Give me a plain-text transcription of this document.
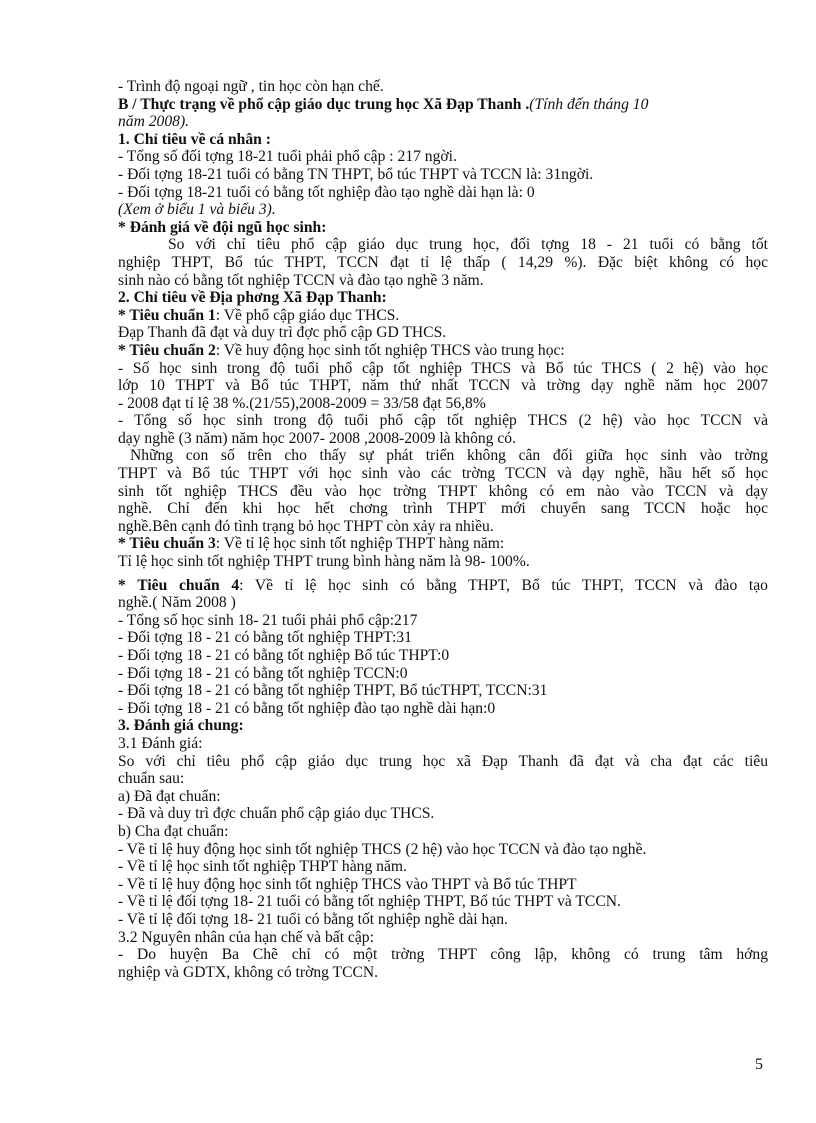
- Trình độ ngoại ngữ , tin học còn hạn chế.
B / Thực trạng về phổ cập giáo dục trung học Xã Đạp Thanh .(Tính đến tháng 10
năm 2008).
1. Chỉ tiêu về cá nhân :
- Tổng số đối tợng 18-21 tuổi phải phổ cập : 217 ngời.
- Đối tợng 18-21 tuổi có bằng TN THPT, bổ túc THPT và TCCN là: 31ngời.
- Đối tợng 18-21 tuổi có bằng tốt nghiệp đào tạo nghề dài hạn là: 0
(Xem ở biểu 1 và biểu 3).
* Đánh giá về đội ngũ học sinh:
So với chỉ tiêu phổ cập giáo dục trung học, đối tợng 18 - 21 tuổi có bằng tốt
nghiệp THPT, Bổ túc THPT, TCCN đạt tỉ lệ thấp ( 14,29 %). Đặc biệt không có học
sinh nào có bằng tốt nghiệp TCCN và đào tạo nghề 3 năm.
2. Chỉ tiêu về Địa phơng Xã Đạp Thanh:
* Tiêu chuẩn 1: Về phổ cập giáo dục THCS.
Đạp Thanh đã đạt và duy trì đợc phổ cập GD THCS.
* Tiêu chuẩn 2: Về huy động học sinh tốt nghiệp THCS vào trung học:
- Số học sinh trong độ tuổi phổ cập tốt nghiệp THCS và Bổ túc THCS ( 2 hệ) vào học
lớp 10 THPT và Bổ túc THPT, năm thứ nhất TCCN và trờng dạy nghề năm học 2007
- 2008 đạt tỉ lệ 38 %.(21/55),2008-2009 = 33/58 đạt 56,8%
- Tổng số học sinh trong độ tuổi phổ cập tốt nghiệp THCS (2 hệ) vào học TCCN và
dạy nghề (3 năm) năm học 2007- 2008 ,2008-2009 là không có.
Những con số trên cho thấy sự phát triển không cân đối giữa học sinh vào trờng
THPT và Bổ túc THPT với học sinh vào các trờng TCCN và dạy nghề, hầu hết số học
sinh tốt nghiệp THCS đều vào học trờng THPT không có em nào vào TCCN và dạy
nghề. Chỉ đến khi học hết chơng trình THPT mới chuyển sang TCCN hoặc học
nghề.Bên cạnh đó tình trạng bỏ học THPT còn xảy ra nhiều.
* Tiêu chuẩn 3: Về tỉ lệ học sinh tốt nghiệp THPT hàng năm:
Tỉ lệ học sinh tốt nghiệp THPT trung bình hàng năm là 98- 100%.
* Tiêu chuẩn 4: Về tỉ lệ học sinh có bằng THPT, Bổ túc THPT, TCCN và đào tạo
nghề.( Năm 2008 )
- Tổng số học sinh 18- 21 tuổi phải phổ cập:217
- Đối tợng 18 - 21 có bằng tốt nghiệp THPT:31
- Đối tợng 18 - 21 có bằng tốt nghiệp Bổ túc THPT:0
- Đối tợng 18 - 21 có bằng tốt nghiệp TCCN:0
- Đối tợng 18 - 21 có bằng tốt nghiệp THPT, Bổ túcTHPT, TCCN:31
- Đối tợng 18 - 21 có bằng tốt nghiệp đào tạo nghề dài hạn:0
3. Đánh giá chung:
3.1 Đánh giá:
So với chỉ tiêu phổ cập giáo dục trung học xã Đạp Thanh đã đạt và cha đạt các tiêu
chuẩn sau:
a) Đã đạt chuẩn:
- Đã và duy trì đợc chuẩn phổ cập giáo dục THCS.
b) Cha đạt chuẩn:
- Về tỉ lệ huy động học sinh tốt nghiệp THCS (2 hệ) vào học TCCN và đào tạo nghề.
- Về tỉ lệ học sinh tốt nghiệp THPT hàng năm.
- Về tỉ lệ huy động học sinh tốt nghiệp THCS vào THPT và Bổ túc THPT
- Về tỉ lệ đối tợng 18- 21 tuổi có bằng tốt nghiệp THPT, Bổ túc THPT và TCCN.
- Về tỉ lệ đối tợng 18- 21 tuổi có bằng tốt nghiệp nghề dài hạn.
3.2 Nguyên nhân của hạn chế và bất cập:
- Do huyện Ba Chẽ chỉ có một trờng THPT công lập, không có trung tâm hớng
nghiệp và GDTX, không có trờng TCCN.
5
